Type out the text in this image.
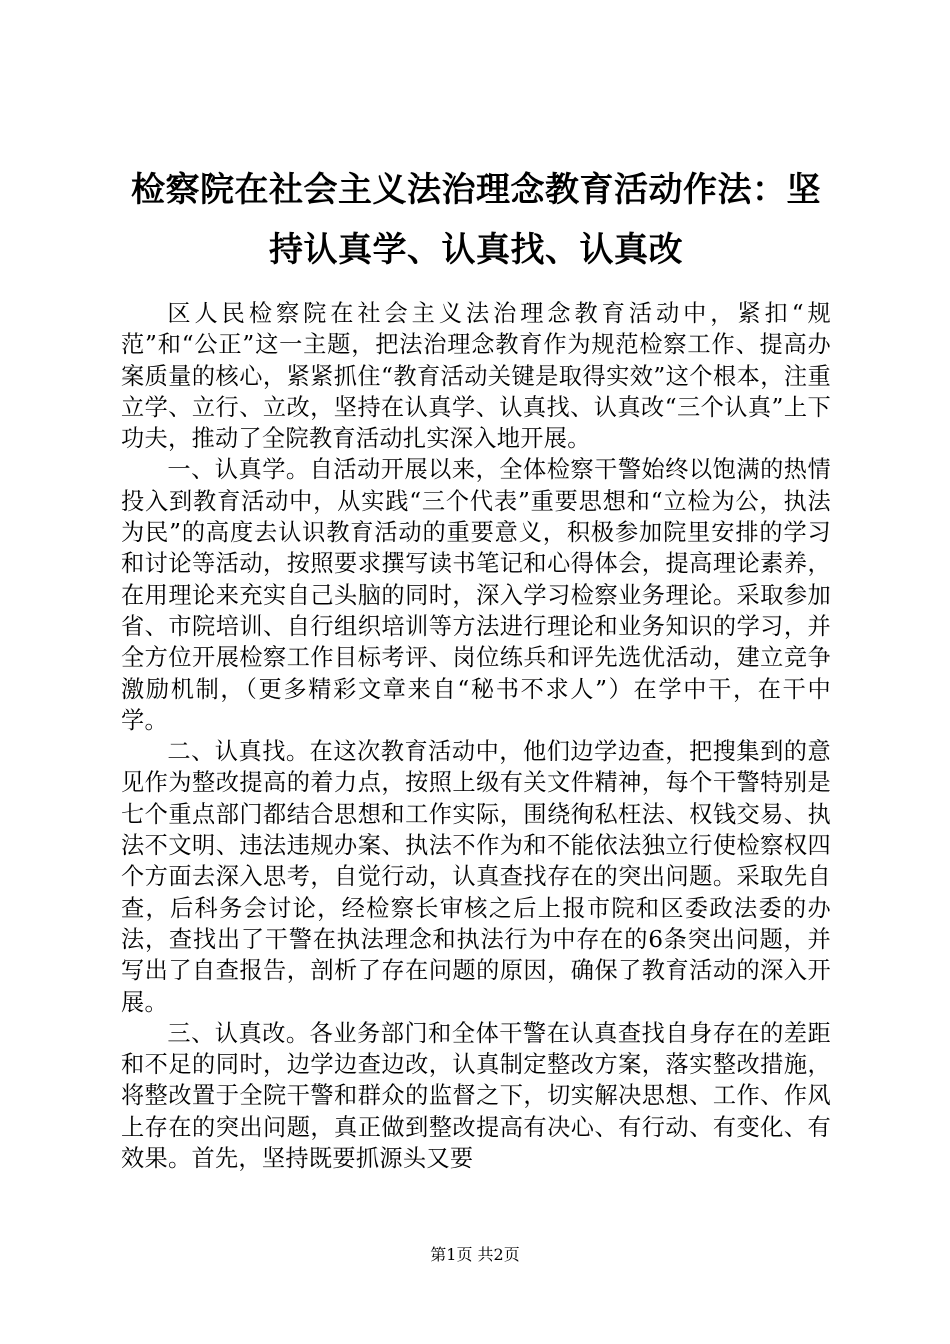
检察院在社会主义法治理念教育活动作法：坚
持认真学、认真找、认真改

区人民检察院在社会主义法治理念教育活动中，紧扣“规范”和“公正”这一主题，把法治理念教育作为规范检察工作、提高办案质量的核心，紧紧抓住“教育活动关键是取得实效”这个根本，注重立学、立行、立改，坚持在认真学、认真找、认真改“三个认真”上下功夫，推动了全院教育活动扎实深入地开展。

一、认真学。自活动开展以来，全体检察干警始终以饱满的热情投入到教育活动中，从实践“三个代表”重要思想和“立检为公，执法为民”的高度去认识教育活动的重要意义，积极参加院里安排的学习和讨论等活动，按照要求撰写读书笔记和心得体会，提高理论素养，在用理论来充实自己头脑的同时，深入学习检察业务理论。采取参加省、市院培训、自行组织培训等方法进行理论和业务知识的学习，并全方位开展检察工作目标考评、岗位练兵和评先选优活动，建立竞争激励机制，（更多精彩文章来自“秘书不求人”）在学中干，在干中学。

二、认真找。在这次教育活动中，他们边学边查，把搜集到的意见作为整改提高的着力点，按照上级有关文件精神，每个干警特别是七个重点部门都结合思想和工作实际，围绕徇私枉法、权钱交易、执法不文明、违法违规办案、执法不作为和不能依法独立行使检察权四个方面去深入思考，自觉行动，认真查找存在的突出问题。采取先自查，后科务会讨论，经检察长审核之后上报市院和区委政法委的办法，查找出了干警在执法理念和执法行为中存在的6条突出问题，并写出了自查报告，剖析了存在问题的原因，确保了教育活动的深入开展。

三、认真改。各业务部门和全体干警在认真查找自身存在的差距和不足的同时，边学边查边改，认真制定整改方案，落实整改措施，将整改置于全院干警和群众的监督之下，切实解决思想、工作、作风上存在的突出问题，真正做到整改提高有决心、有行动、有变化、有效果。首先，坚持既要抓源头又要

第1页 共2页
